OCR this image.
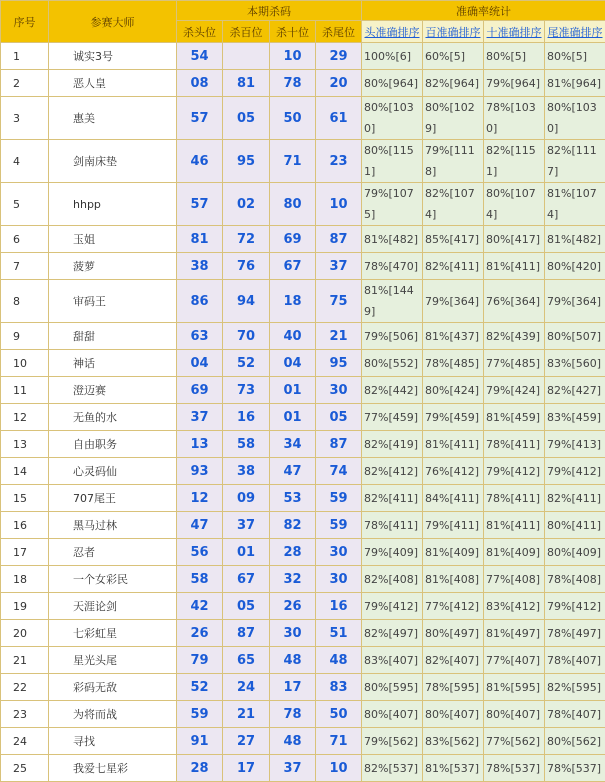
序号	参赛大师	本期杀码				准确率统计			
		杀头位	杀百位	杀十位	杀尾位	头准确排序	百准确排序	十准确排序	尾准确排序
1	诚实3号	54		10	29	100%[6]	60%[5]	80%[5]	80%[5]
2	恶人皇	08	81	78	20	80%[964]	82%[964]	79%[964]	81%[964]
3	惠美	57	05	50	61	80%[1030]	80%[1029]	78%[1030]	80%[1030]
4	剑南床垫	46	95	71	23	80%[1151]	79%[1118]	82%[1151]	82%[1117]
5	hhpp	57	02	80	10	79%[1075]	82%[1074]	80%[1074]	81%[1074]
6	玉姐	81	72	69	87	81%[482]	85%[417]	80%[417]	81%[482]
7	菠萝	38	76	67	37	78%[470]	82%[411]	81%[411]	80%[420]
8	审码王	86	94	18	75	81%[1449]	79%[364]	76%[364]	79%[364]
9	甜甜	63	70	40	21	79%[506]	81%[437]	82%[439]	80%[507]
10	神话	04	52	04	95	80%[552]	78%[485]	77%[485]	83%[560]
11	澄迈赛	69	73	01	30	82%[442]	80%[424]	79%[424]	82%[427]
12	无鱼的水	37	16	01	05	77%[459]	79%[459]	81%[459]	83%[459]
13	自由职务	13	58	34	87	82%[419]	81%[411]	78%[411]	79%[413]
14	心灵码仙	93	38	47	74	82%[412]	76%[412]	79%[412]	79%[412]
15	707尾王	12	09	53	59	82%[411]	84%[411]	78%[411]	82%[411]
16	黑马过林	47	37	82	59	78%[411]	79%[411]	81%[411]	80%[411]
17	忍者	56	01	28	30	79%[409]	81%[409]	81%[409]	80%[409]
18	一个女彩民	58	67	32	30	82%[408]	81%[408]	77%[408]	78%[408]
19	天涯论剑	42	05	26	16	79%[412]	77%[412]	83%[412]	79%[412]
20	七彩虹星	26	87	30	51	82%[497]	80%[497]	81%[497]	78%[497]
21	星光头尾	79	65	48	48	83%[407]	82%[407]	77%[407]	78%[407]
22	彩码无敌	52	24	17	83	80%[595]	78%[595]	81%[595]	82%[595]
23	为将而战	59	21	78	50	80%[407]	80%[407]	80%[407]	78%[407]
24	寻找	91	27	48	71	79%[562]	83%[562]	77%[562]	80%[562]
25	我爱七星彩	28	17	37	10	82%[537]	81%[537]	78%[537]	78%[537]
